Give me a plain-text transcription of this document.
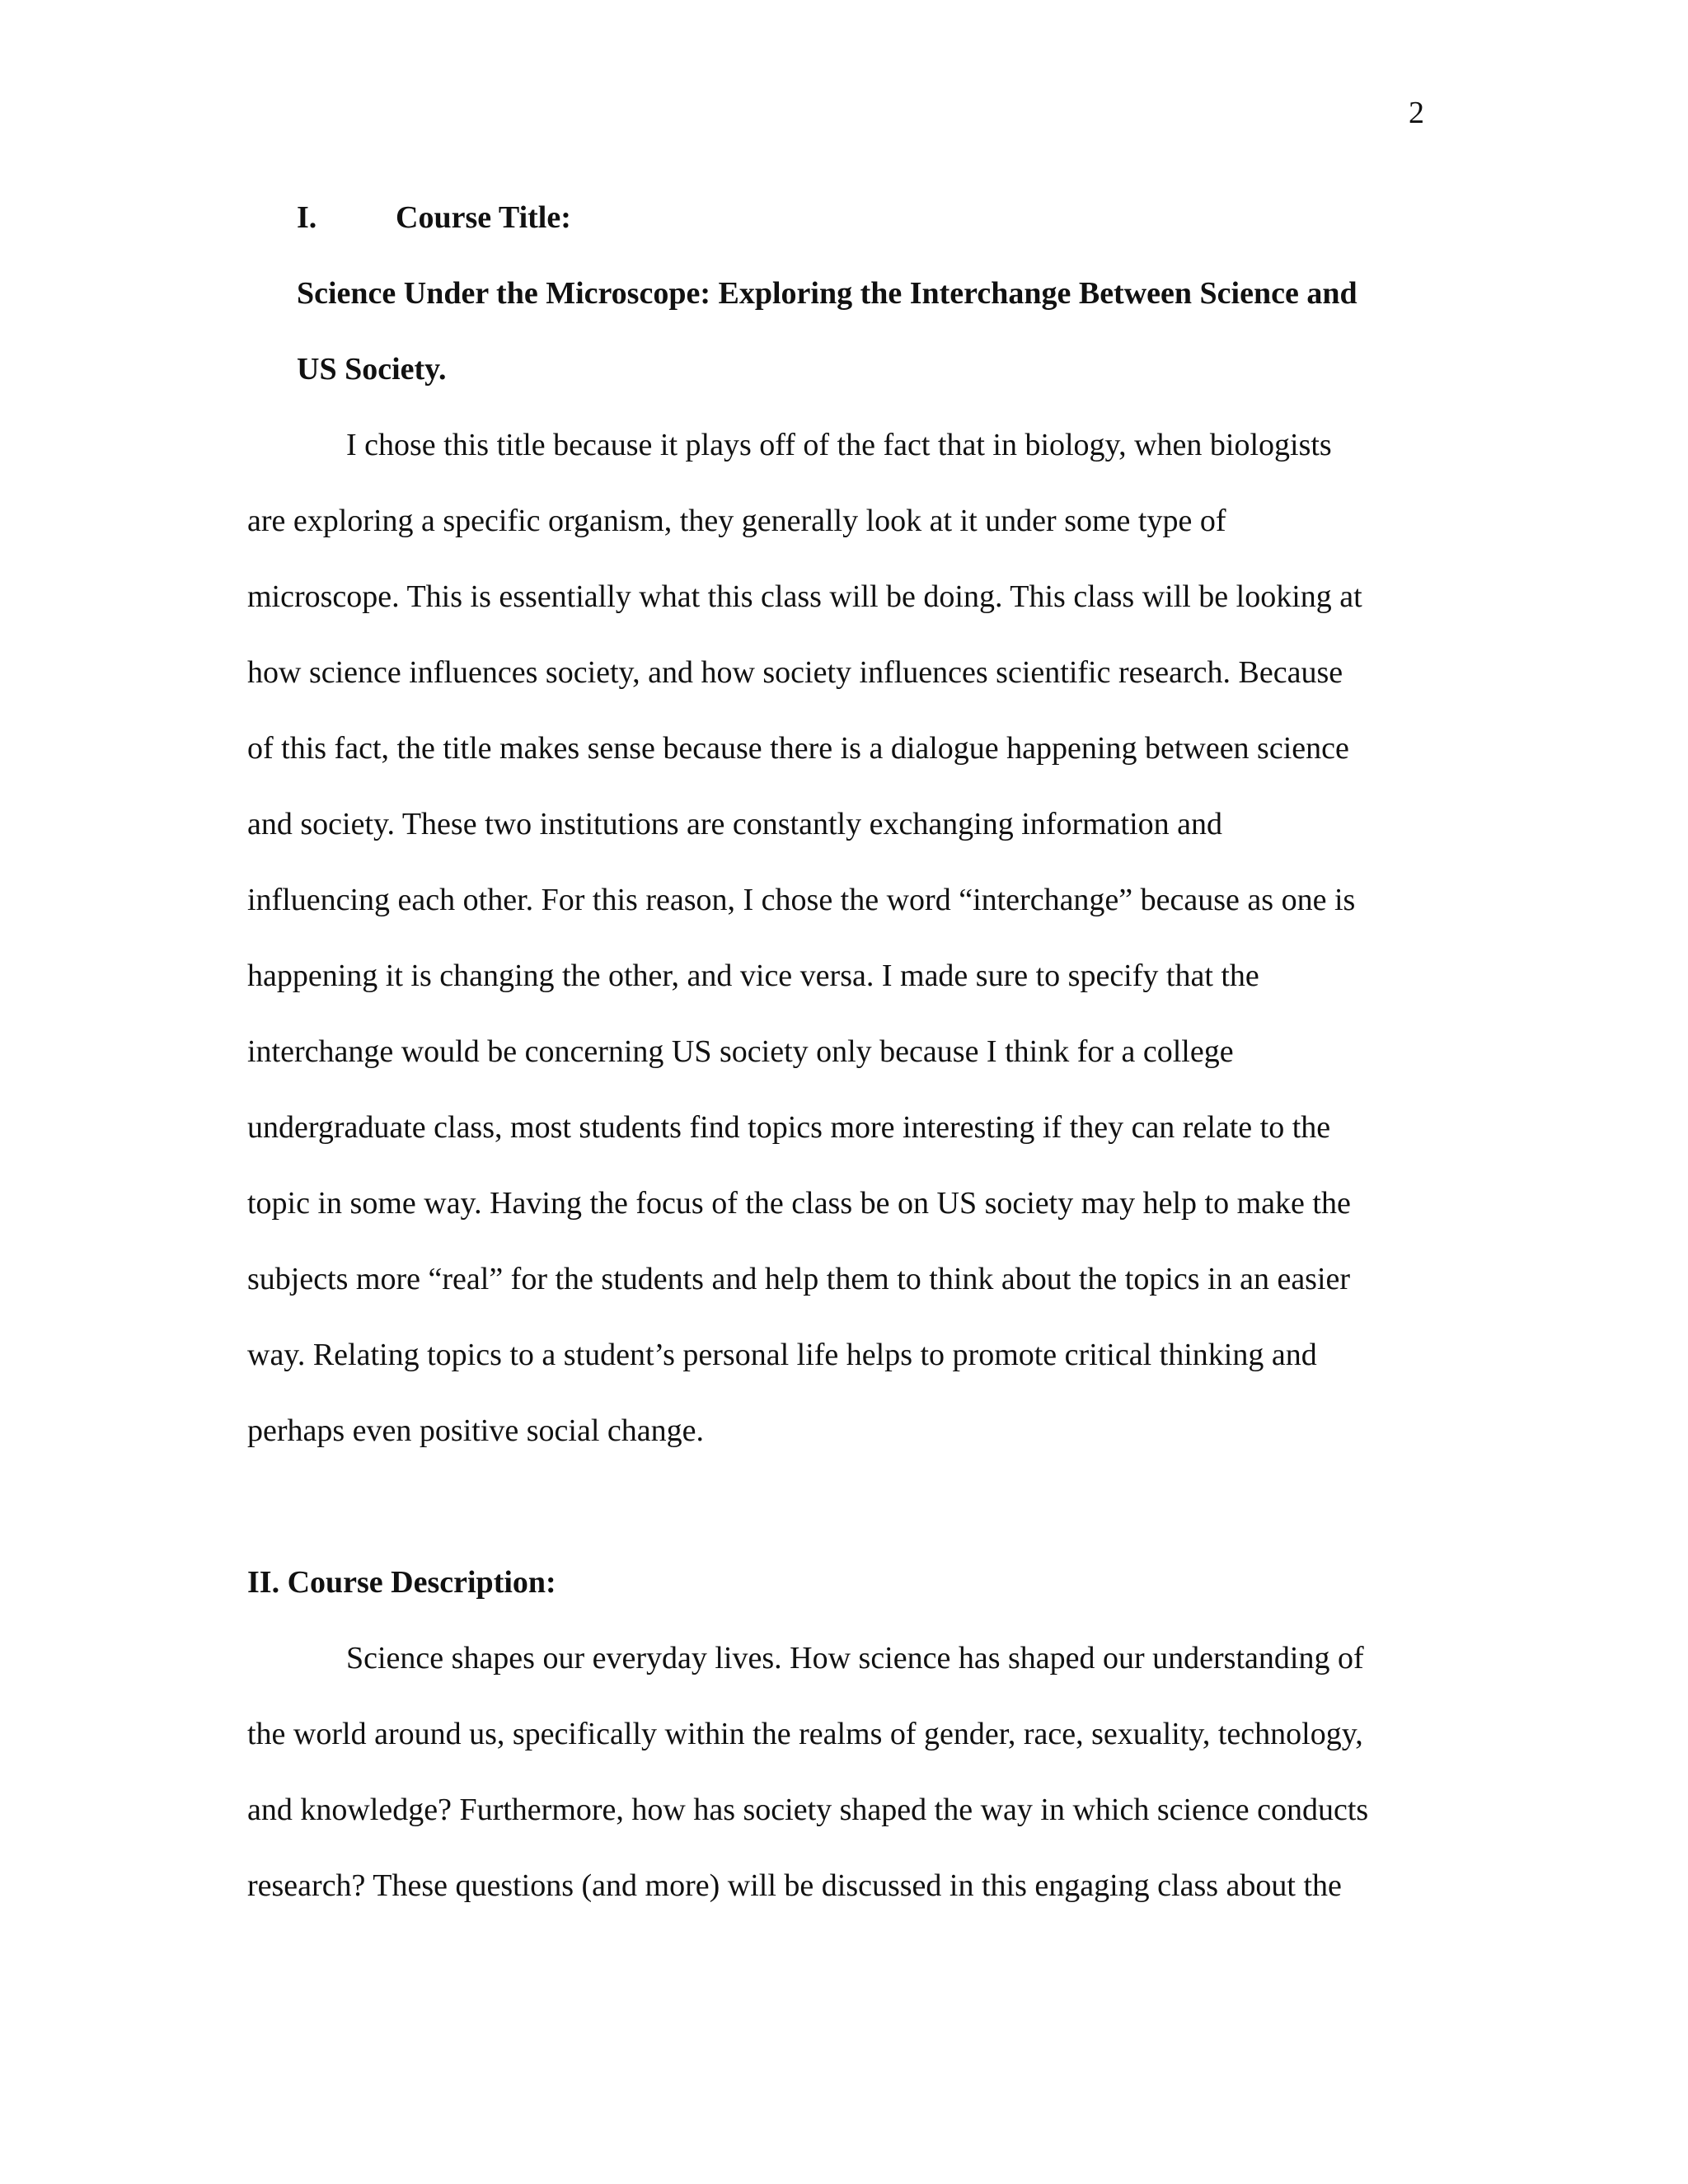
2
I.	Course Title:
Science Under the Microscope: Exploring the Interchange Between Science and
US Society.
I chose this title because it plays off of the fact that in biology, when biologists
are exploring a specific organism, they generally look at it under some type of
microscope. This is essentially what this class will be doing. This class will be looking at
how science influences society, and how society influences scientific research. Because
of this fact, the title makes sense because there is a dialogue happening between science
and society. These two institutions are constantly exchanging information and
influencing each other. For this reason, I chose the word “interchange” because as one is
happening it is changing the other, and vice versa. I made sure to specify that the
interchange would be concerning US society only because I think for a college
undergraduate class, most students find topics more interesting if they can relate to the
topic in some way. Having the focus of the class be on US society may help to make the
subjects more “real” for the students and help them to think about the topics in an easier
way. Relating topics to a student’s personal life helps to promote critical thinking and
perhaps even positive social change.
II. Course Description:
Science shapes our everyday lives. How science has shaped our understanding of
the world around us, specifically within the realms of gender, race, sexuality, technology,
and knowledge? Furthermore, how has society shaped the way in which science conducts
research? These questions (and more) will be discussed in this engaging class about the
